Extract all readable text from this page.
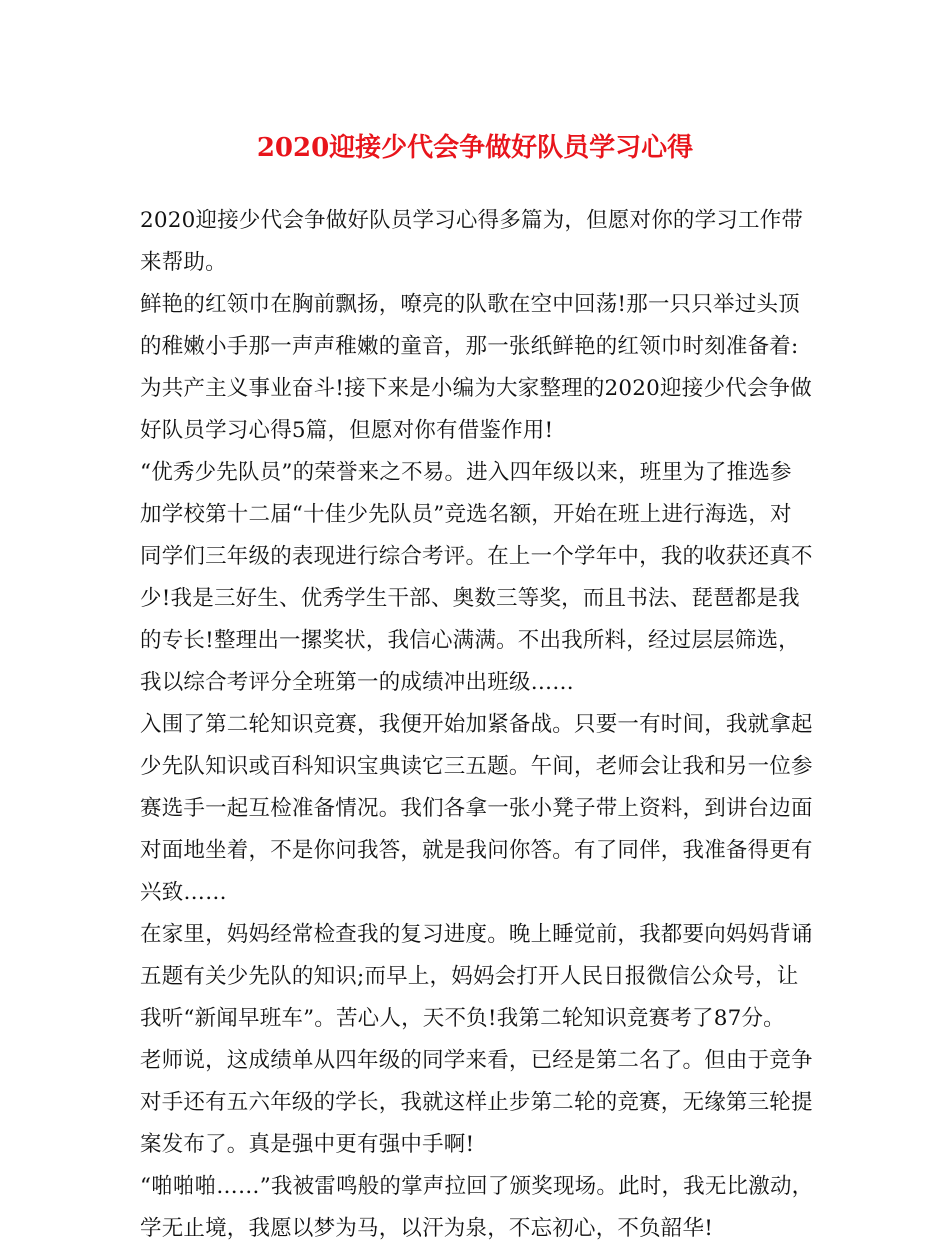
2020迎接少代会争做好队员学习心得
2020迎接少代会争做好队员学习心得多篇为，但愿对你的学习工作带
来帮助。
鲜艳的红领巾在胸前飘扬，嘹亮的队歌在空中回荡!那一只只举过头顶
的稚嫩小手那一声声稚嫩的童音，那一张纸鲜艳的红领巾时刻准备着:
为共产主义事业奋斗!接下来是小编为大家整理的2020迎接少代会争做
好队员学习心得5篇，但愿对你有借鉴作用!
“优秀少先队员”的荣誉来之不易。进入四年级以来，班里为了推选参
加学校第十二届“十佳少先队员”竞选名额，开始在班上进行海选，对
同学们三年级的表现进行综合考评。在上一个学年中，我的收获还真不
少!我是三好生、优秀学生干部、奥数三等奖，而且书法、琵琶都是我
的专长!整理出一摞奖状，我信心满满。不出我所料，经过层层筛选，
我以综合考评分全班第一的成绩冲出班级……
入围了第二轮知识竞赛，我便开始加紧备战。只要一有时间，我就拿起
少先队知识或百科知识宝典读它三五题。午间，老师会让我和另一位参
赛选手一起互检准备情况。我们各拿一张小凳子带上资料，到讲台边面
对面地坐着，不是你问我答，就是我问你答。有了同伴，我准备得更有
兴致……
在家里，妈妈经常检查我的复习进度。晚上睡觉前，我都要向妈妈背诵
五题有关少先队的知识;而早上，妈妈会打开人民日报微信公众号，让
我听“新闻早班车”。苦心人，天不负!我第二轮知识竞赛考了87分。
老师说，这成绩单从四年级的同学来看，已经是第二名了。但由于竞争
对手还有五六年级的学长，我就这样止步第二轮的竞赛，无缘第三轮提
案发布了。真是强中更有强中手啊!
“啪啪啪……”我被雷鸣般的掌声拉回了颁奖现场。此时，我无比激动，
学无止境，我愿以梦为马，以汗为泉，不忘初心，不负韶华!
